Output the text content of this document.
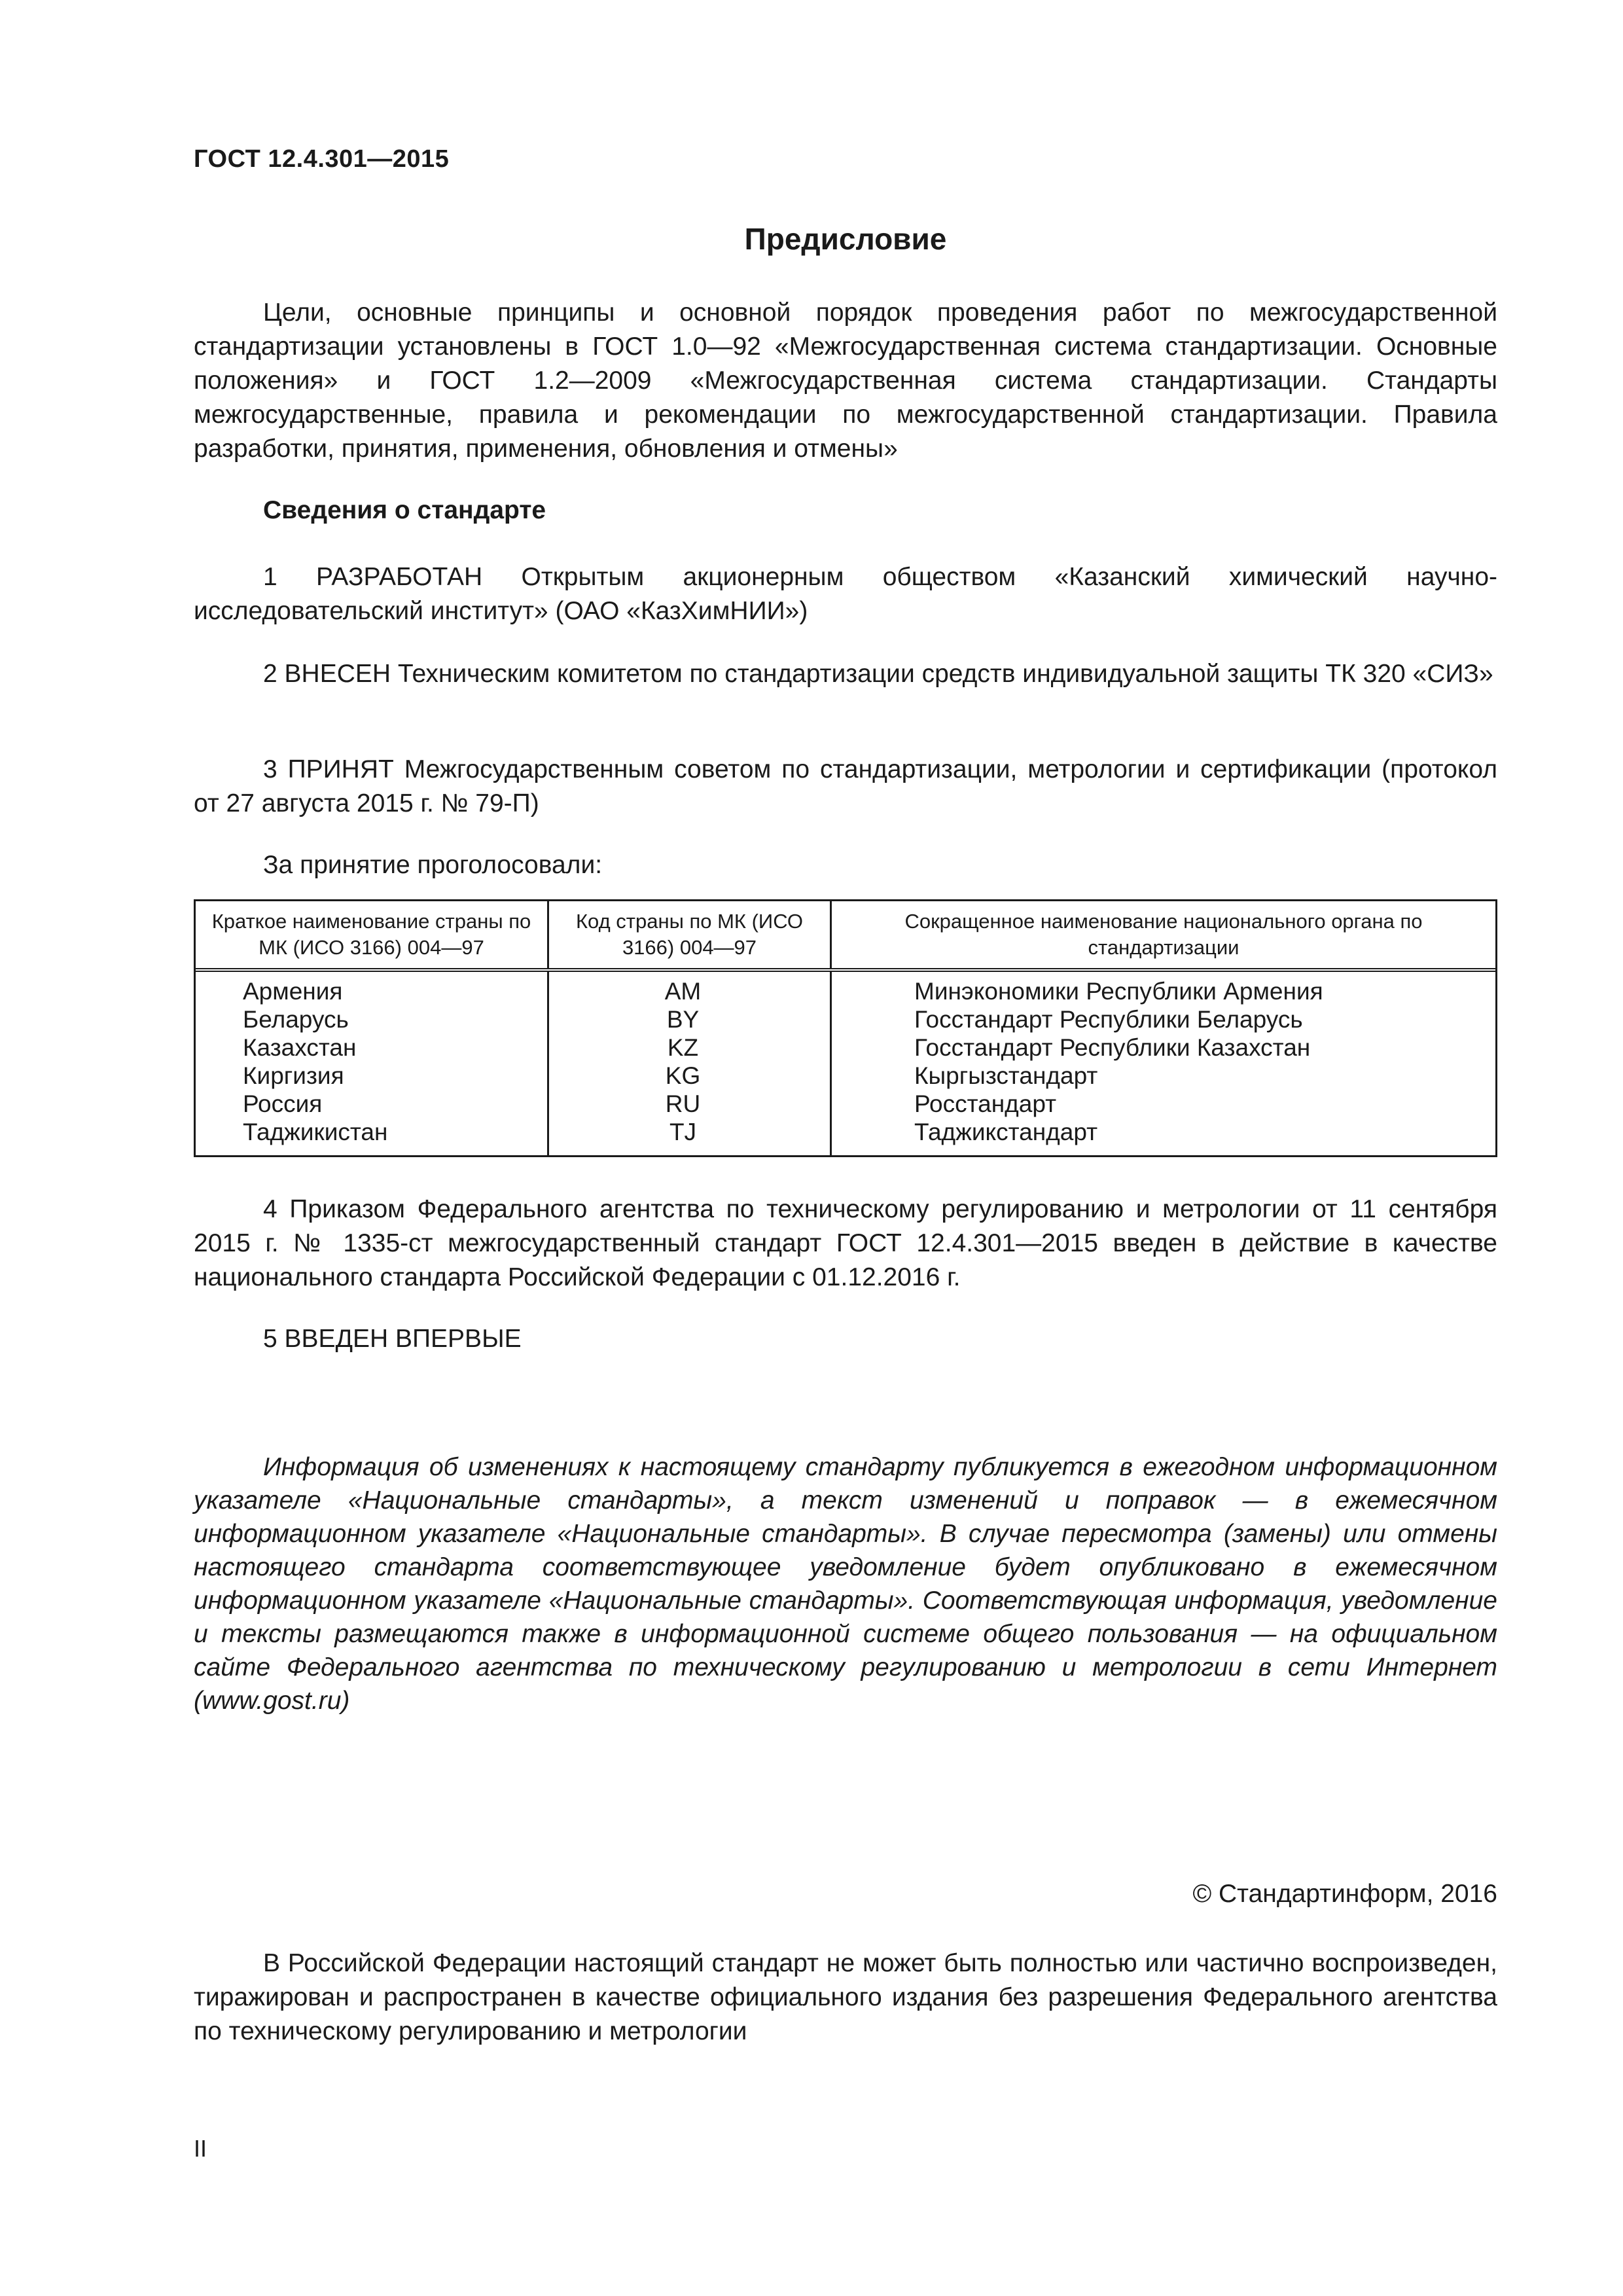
ГОСТ 12.4.301—2015
Предисловие

Цели, основные принципы и основной порядок проведения работ по межгосударственной стандартизации установлены в ГОСТ 1.0—92 «Межгосударственная система стандартизации. Основные положения» и ГОСТ 1.2—2009 «Межгосударственная система стандартизации. Стандарты межгосударственные, правила и рекомендации по межгосударственной стандартизации. Правила разработки, принятия, применения, обновления и отмены»

Сведения о стандарте

1 РАЗРАБОТАН Открытым акционерным обществом «Казанский химический научно-исследовательский институт» (ОАО «КазХимНИИ»)

2 ВНЕСЕН Техническим комитетом по стандартизации средств индивидуальной защиты ТК 320 «СИЗ»

3 ПРИНЯТ Межгосударственным советом по стандартизации, метрологии и сертификации (протокол от 27 августа 2015 г. № 79-П)

За принятие проголосовали:

Краткое наименование страны по МК (ИСО 3166) 004—97
Код страны по МК (ИСО 3166) 004—97
Сокращенное наименование национального органа по стандартизации
Армения
Беларусь
Казахстан
Киргизия
Россия
Таджикистан
AM
BY
KZ
KG
RU
TJ
Минэкономики Республики Армения
Госстандарт Республики Беларусь
Госстандарт Республики Казахстан
Кыргызстандарт
Росстандарт
Таджикстандарт

4 Приказом Федерального агентства по техническому регулированию и метрологии от 11 сентября 2015 г. № 1335-ст межгосударственный стандарт ГОСТ 12.4.301—2015 введен в действие в качестве национального стандарта Российской Федерации с 01.12.2016 г.

5 ВВЕДЕН ВПЕРВЫЕ

Информация об изменениях к настоящему стандарту публикуется в ежегодном информационном указателе «Национальные стандарты», а текст изменений и поправок — в ежемесячном информационном указателе «Национальные стандарты». В случае пересмотра (замены) или отмены настоящего стандарта соответствующее уведомление будет опубликовано в ежемесячном информационном указателе «Национальные стандарты». Соответствующая информация, уведомление и тексты размещаются также в информационной системе общего пользования — на официальном сайте Федерального агентства по техническому регулированию и метрологии в сети Интернет (www.gost.ru)

© Стандартинформ, 2016

В Российской Федерации настоящий стандарт не может быть полностью или частично воспроизведен, тиражирован и распространен в качестве официального издания без разрешения Федерального агентства по техническому регулированию и метрологии

II
